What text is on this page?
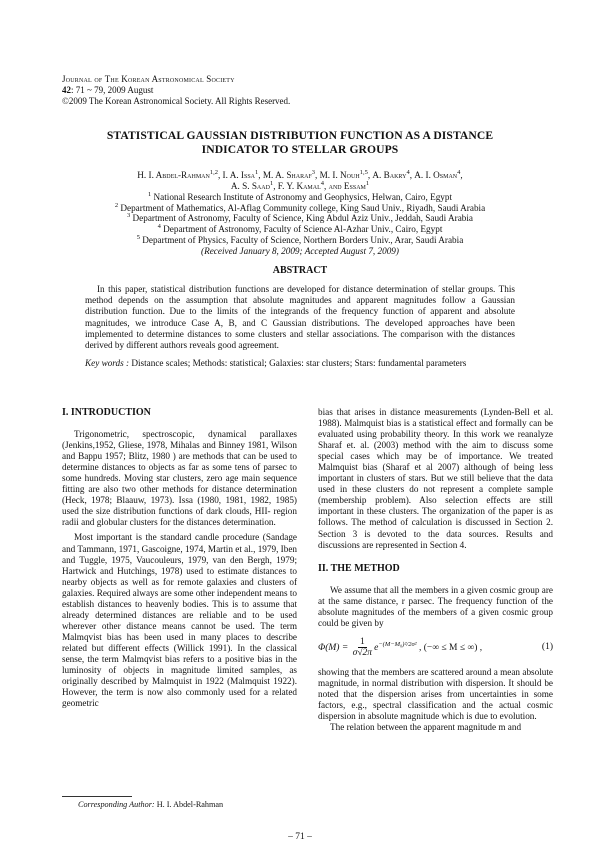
Journal of The Korean Astronomical Society
42: 71 ~ 79, 2009 August
©2009 The Korean Astronomical Society. All Rights Reserved.
STATISTICAL GAUSSIAN DISTRIBUTION FUNCTION AS A DISTANCE
INDICATOR TO STELLAR GROUPS
H. I. Abdel-Rahman$^{1,2}$, I. A. Issa$^1$, M. A. Sharaf$^3$, M. I. Nouh$^{1,5}$, A. Bakry$^4$, A. I. Osman$^4$,
A. S. Saad$^1$, F. Y. Kamal$^4$, and Essam$^1$
$^1$ National Research Institute of Astronomy and Geophysics, Helwan, Cairo, Egypt
$^2$ Department of Mathematics, Al-Aflag Community college, King Saud Univ., Riyadh, Saudi Arabia
$^3$ Department of Astronomy, Faculty of Science, King Abdul Aziz Univ., Jeddah, Saudi Arabia
$^4$ Department of Astronomy, Faculty of Science Al-Azhar Univ., Cairo, Egypt
$^5$ Department of Physics, Faculty of Science, Northern Borders Univ., Arar, Saudi Arabia
(Received January 8, 2009; Accepted August 7, 2009)
ABSTRACT
In this paper, statistical distribution functions are developed for distance determination of stellar groups. This method depends on the assumption that absolute magnitudes and apparent magnitudes follow a Gaussian distribution function. Due to the limits of the integrands of the frequency function of apparent and absolute magnitudes, we introduce Case A, B, and C Gaussian distributions. The developed approaches have been implemented to determine distances to some clusters and stellar associations. The comparison with the distances derived by different authors reveals good agreement.
Key words : Distance scales; Methods: statistical; Galaxies: star clusters; Stars: fundamental parameters
I. INTRODUCTION

Trigonometric, spectroscopic, dynamical parallaxes (Jenkins,1952, Gliese, 1978, Mihalas and Binney 1981, Wilson and Bappu 1957; Blitz, 1980 ) are methods that can be used to determine distances to objects as far as some tens of parsec to some hundreds. Moving star clusters, zero age main sequence fitting are also two other methods for distance determination (Heck, 1978; Blaauw, 1973). Issa (1980, 1981, 1982, 1985) used the size distribution functions of dark clouds, HII- region radii and globular clusters for the distances determination.

Most important is the standard candle procedure (Sandage and Tammann, 1971, Gascoigne, 1974, Martin et al., 1979, Iben and Tuggle, 1975, Vaucouleurs, 1979, van den Bergh, 1979; Hartwick and Hutchings, 1978) used to estimate distances to nearby objects as well as for remote galaxies and clusters of galaxies. Required always are some other independent means to establish distances to heavenly bodies. This is to assume that already determined distances are reliable and to be used wherever other distance means cannot be used. The term Malmqvist bias has been used in many places to describe related but different effects (Willick 1991). In the classical sense, the term Malmqvist bias refers to a positive bias in the luminosity of objects in magnitude limited samples, as originally described by Malmquist in 1922 (Malmquist 1922). However, the term is now also commonly used for a related geometric

bias that arises in distance measurements (Lynden-Bell et al. 1988). Malmquist bias is a statistical effect and formally can be evaluated using probability theory. In this work we reanalyze Sharaf et. al. (2003) method with the aim to discuss some special cases which may be of importance. We treated Malmquist bias (Sharaf et al 2007) although of being less important in clusters of stars. But we still believe that the data used in these clusters do not represent a complete sample (membership problem). Also selection effects are still important in these clusters. The organization of the paper is as follows. The method of calculation is discussed in Section 2. Section 3 is devoted to the data sources. Results and discussions are represented in Section 4.

II. THE METHOD

We assume that all the members in a given cosmic group are at the same distance, r parsec. The frequency function of the absolute magnitudes of the members of a given cosmic group could be given by

$\Phi(M) = \frac{1}{\sigma√2\pi} e^{-(M-M_0)^2/2\sigma^2}$ , (−∞ ≤ M ≤ ∞) ,	(1)

showing that the members are scattered around a mean absolute magnitude, in normal distribution with dispersion. It should be noted that the dispersion arises from uncertainties in some factors, e.g., spectral classification and the actual cosmic dispersion in absolute magnitude which is due to evolution.

The relation between the apparent magnitude m and

Corresponding Author: H. I. Abdel-Rahman
– 71 –
